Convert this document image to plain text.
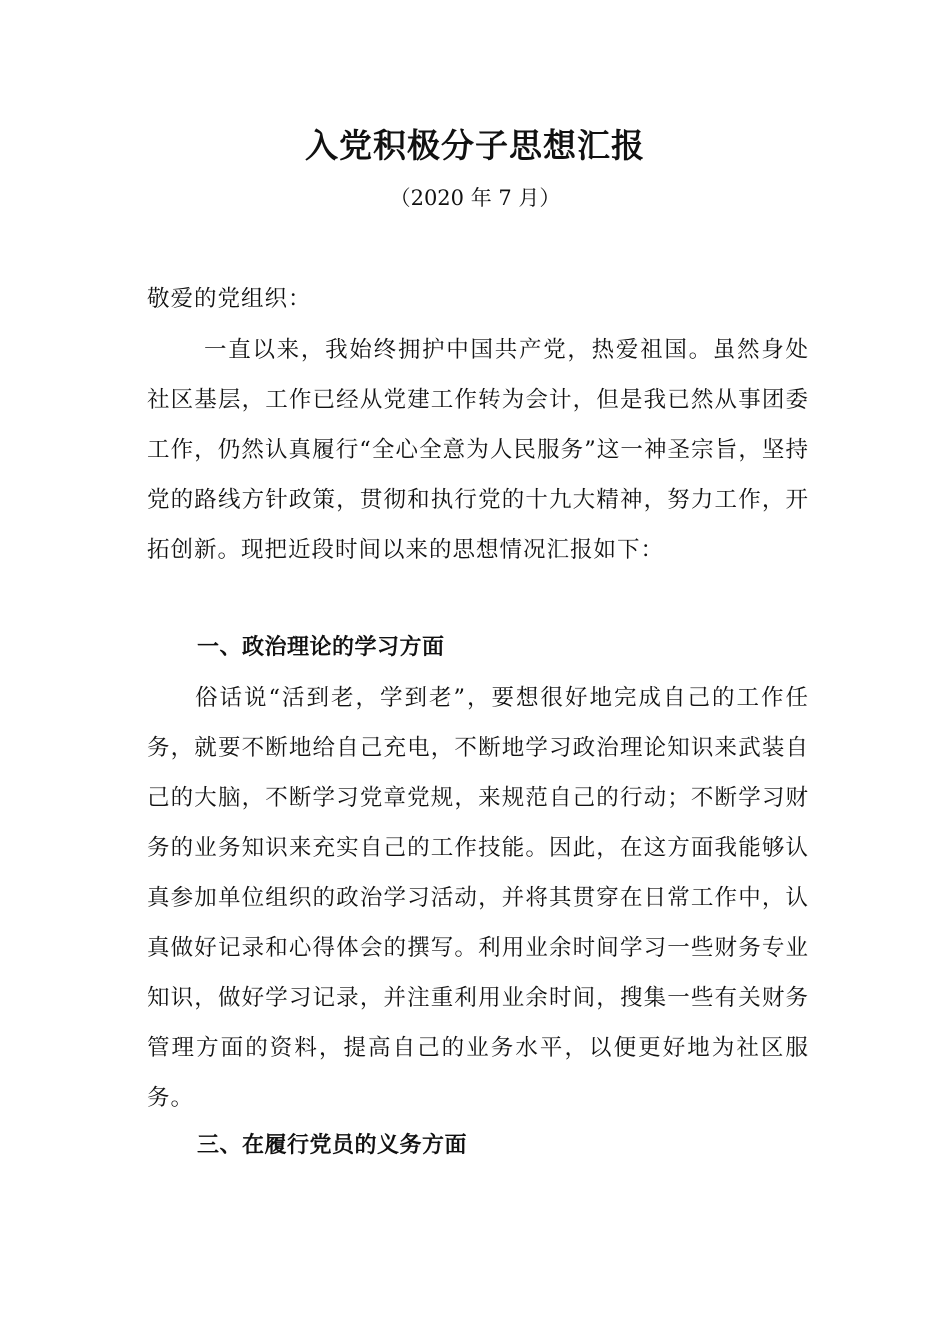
入党积极分子思想汇报

（2020 年 7 月）

敬爱的党组织：

一直以来，我始终拥护中国共产党，热爱祖国。虽然身处社区基层，工作已经从党建工作转为会计，但是我已然从事团委工作，仍然认真履行“全心全意为人民服务”这一神圣宗旨，坚持党的路线方针政策，贯彻和执行党的十九大精神，努力工作，开拓创新。现把近段时间以来的思想情况汇报如下：

一、政治理论的学习方面

俗话说“活到老，学到老”，要想很好地完成自己的工作任务，就要不断地给自己充电，不断地学习政治理论知识来武装自己的大脑，不断学习党章党规，来规范自己的行动；不断学习财务的业务知识来充实自己的工作技能。因此，在这方面我能够认真参加单位组织的政治学习活动，并将其贯穿在日常工作中，认真做好记录和心得体会的撰写。利用业余时间学习一些财务专业知识，做好学习记录，并注重利用业余时间，搜集一些有关财务管理方面的资料，提高自己的业务水平，以便更好地为社区服务。

三、在履行党员的义务方面
